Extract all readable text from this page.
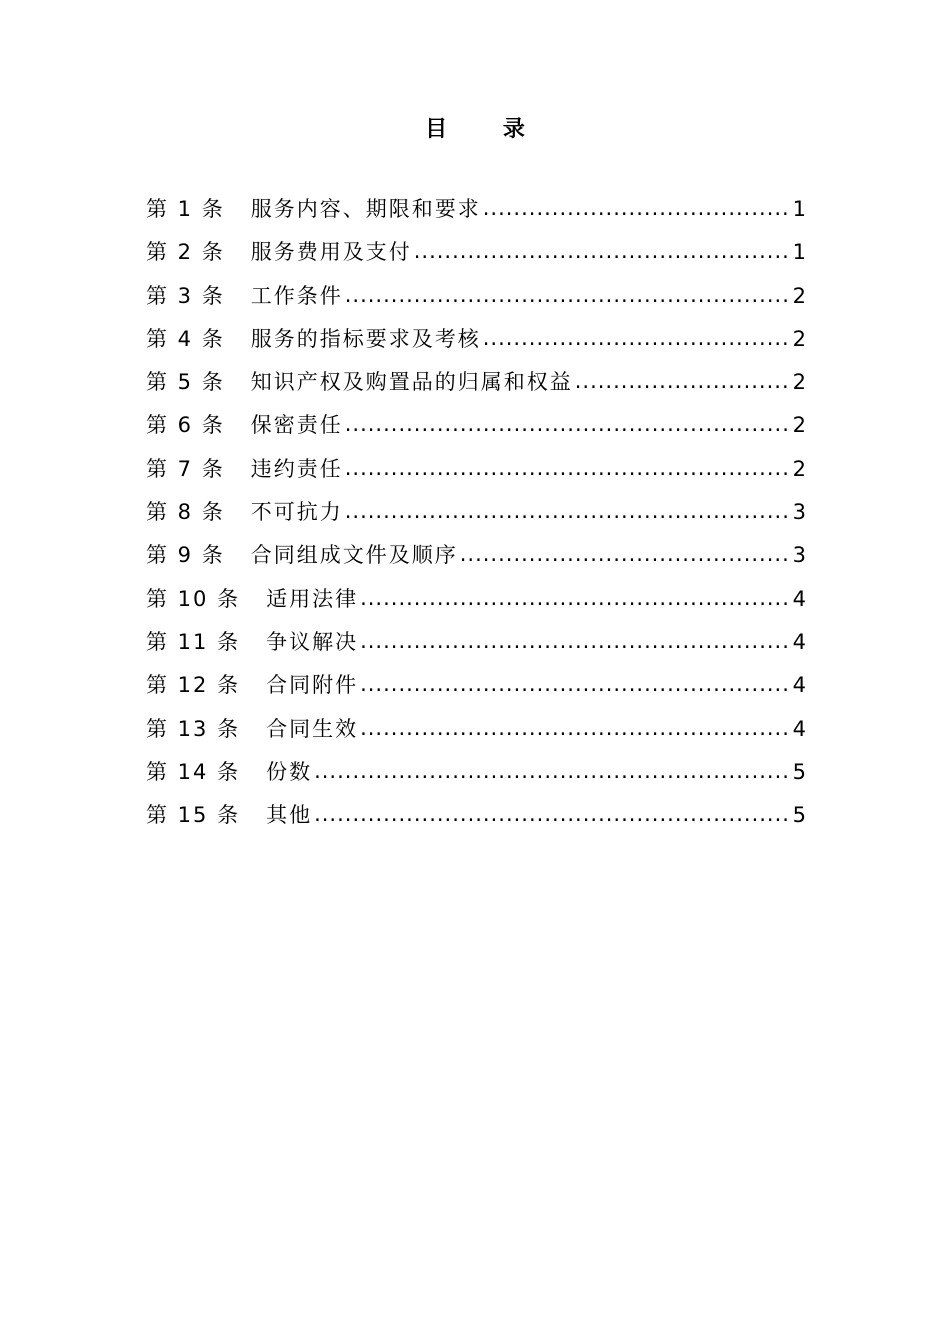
目 录
第 1 条 服务内容、期限和要求 .....	1
第 2 条 服务费用及支付 .....	1
第 3 条 工作条件 .....	2
第 4 条 服务的指标要求及考核 .....	2
第 5 条 知识产权及购置品的归属和权益 .....	2
第 6 条 保密责任 .....	2
第 7 条 违约责任 .....	2
第 8 条 不可抗力 .....	3
第 9 条 合同组成文件及顺序 .....	3
第 10 条 适用法律 .....	4
第 11 条 争议解决 .....	4
第 12 条 合同附件 .....	4
第 13 条 合同生效 .....	4
第 14 条 份数 .....	5
第 15 条 其他 .....	5
